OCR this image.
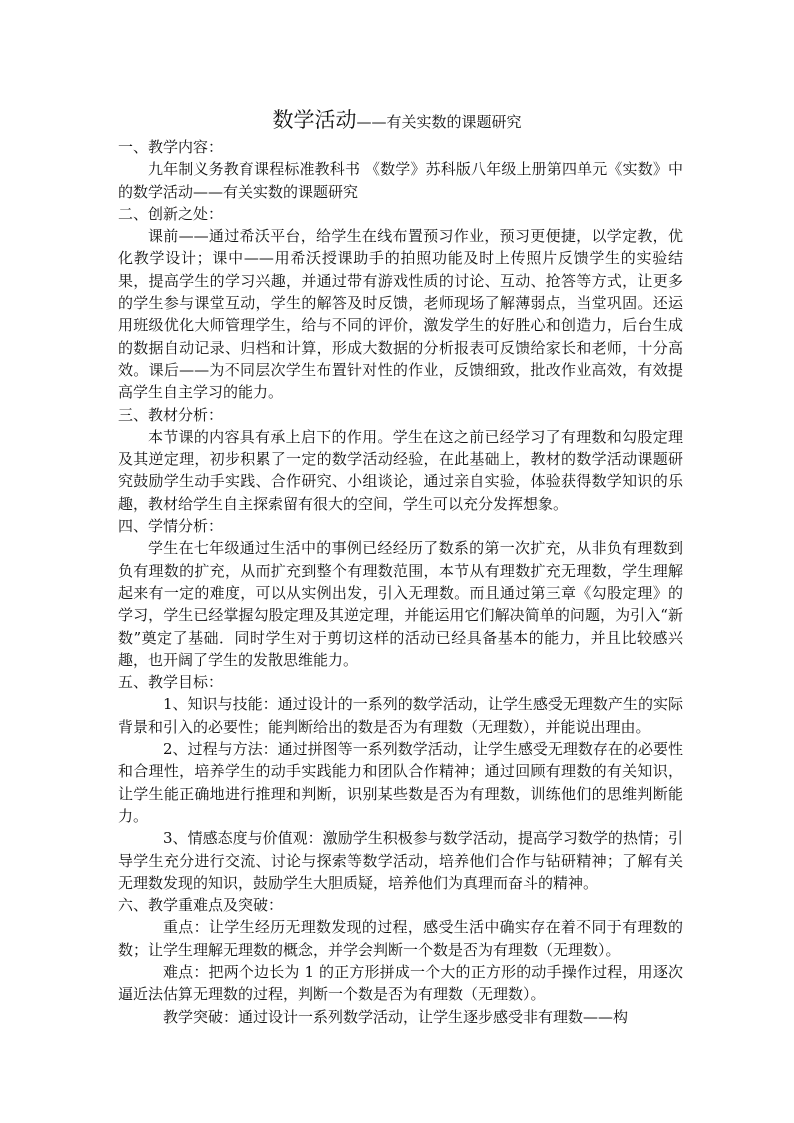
数学活动——有关实数的课题研究

一、教学内容：

九年制义务教育课程标准教科书 《数学》苏科版八年级上册第四单元《实数》中的数学活动——有关实数的课题研究

二、创新之处：

课前——通过希沃平台，给学生在线布置预习作业，预习更便捷，以学定教，优化教学设计；课中——用希沃授课助手的拍照功能及时上传照片反馈学生的实验结果，提高学生的学习兴趣，并通过带有游戏性质的讨论、互动、抢答等方式，让更多的学生参与课堂互动，学生的解答及时反馈，老师现场了解薄弱点，当堂巩固。还运用班级优化大师管理学生，给与不同的评价，激发学生的好胜心和创造力，后台生成的数据自动记录、归档和计算，形成大数据的分析报表可反馈给家长和老师，十分高效。课后——为不同层次学生布置针对性的作业，反馈细致，批改作业高效，有效提高学生自主学习的能力。

三、教材分析：

本节课的内容具有承上启下的作用。学生在这之前已经学习了有理数和勾股定理及其逆定理，初步积累了一定的数学活动经验，在此基础上，教材的数学活动课题研究鼓励学生动手实践、合作研究、小组谈论，通过亲自实验，体验获得数学知识的乐趣，教材给学生自主探索留有很大的空间，学生可以充分发挥想象。

四、学情分析：

学生在七年级通过生活中的事例已经经历了数系的第一次扩充，从非负有理数到负有理数的扩充，从而扩充到整个有理数范围，本节从有理数扩充无理数，学生理解起来有一定的难度，可以从实例出发，引入无理数。而且通过第三章《勾股定理》的学习，学生已经掌握勾股定理及其逆定理，并能运用它们解决简单的问题，为引入“新数”奠定了基础．同时学生对于剪切这样的活动已经具备基本的能力，并且比较感兴趣，也开阔了学生的发散思维能力。

五、教学目标：

1、知识与技能：通过设计的一系列的数学活动，让学生感受无理数产生的实际背景和引入的必要性；能判断给出的数是否为有理数（无理数），并能说出理由。

2、过程与方法：通过拼图等一系列数学活动，让学生感受无理数存在的必要性和合理性，培养学生的动手实践能力和团队合作精神；通过回顾有理数的有关知识，让学生能正确地进行推理和判断，识别某些数是否为有理数，训练他们的思维判断能力。

3、情感态度与价值观：激励学生积极参与数学活动，提高学习数学的热情；引导学生充分进行交流、讨论与探索等数学活动，培养他们合作与钻研精神；了解有关无理数发现的知识，鼓励学生大胆质疑，培养他们为真理而奋斗的精神。

六、教学重难点及突破：

重点：让学生经历无理数发现的过程，感受生活中确实存在着不同于有理数的数；让学生理解无理数的概念，并学会判断一个数是否为有理数（无理数）。

难点：把两个边长为 1 的正方形拼成一个大的正方形的动手操作过程，用逐次逼近法估算无理数的过程，判断一个数是否为有理数（无理数）。

教学突破：通过设计一系列数学活动，让学生逐步感受非有理数——构
